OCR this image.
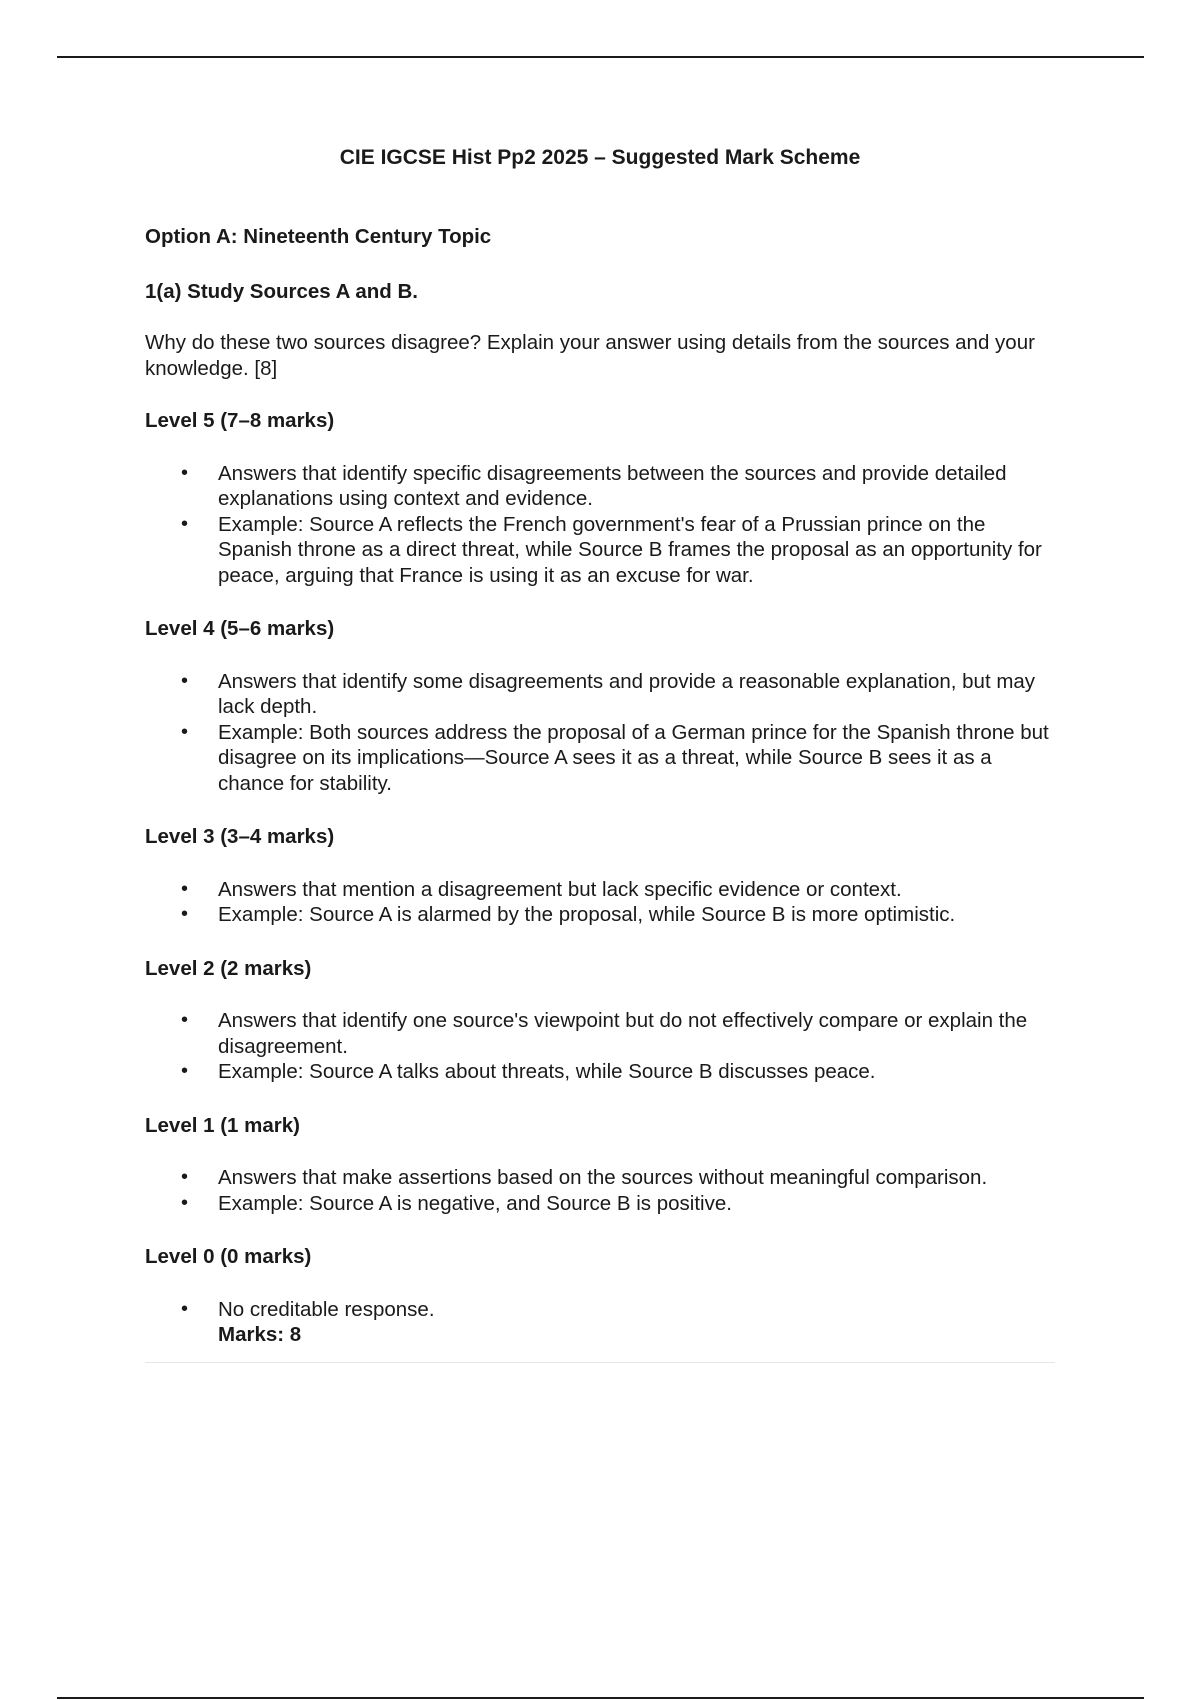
CIE IGCSE Hist Pp2 2025 – Suggested Mark Scheme
Option A: Nineteenth Century Topic
1(a) Study Sources A and B.
Why do these two sources disagree? Explain your answer using details from the sources and your knowledge. [8]
Level 5 (7–8 marks)
• Answers that identify specific disagreements between the sources and provide detailed explanations using context and evidence.
• Example: Source A reflects the French government's fear of a Prussian prince on the Spanish throne as a direct threat, while Source B frames the proposal as an opportunity for peace, arguing that France is using it as an excuse for war.
Level 4 (5–6 marks)
• Answers that identify some disagreements and provide a reasonable explanation, but may lack depth.
• Example: Both sources address the proposal of a German prince for the Spanish throne but disagree on its implications—Source A sees it as a threat, while Source B sees it as a chance for stability.
Level 3 (3–4 marks)
• Answers that mention a disagreement but lack specific evidence or context.
• Example: Source A is alarmed by the proposal, while Source B is more optimistic.
Level 2 (2 marks)
• Answers that identify one source's viewpoint but do not effectively compare or explain the disagreement.
• Example: Source A talks about threats, while Source B discusses peace.
Level 1 (1 mark)
• Answers that make assertions based on the sources without meaningful comparison.
• Example: Source A is negative, and Source B is positive.
Level 0 (0 marks)
• No creditable response.
Marks: 8
